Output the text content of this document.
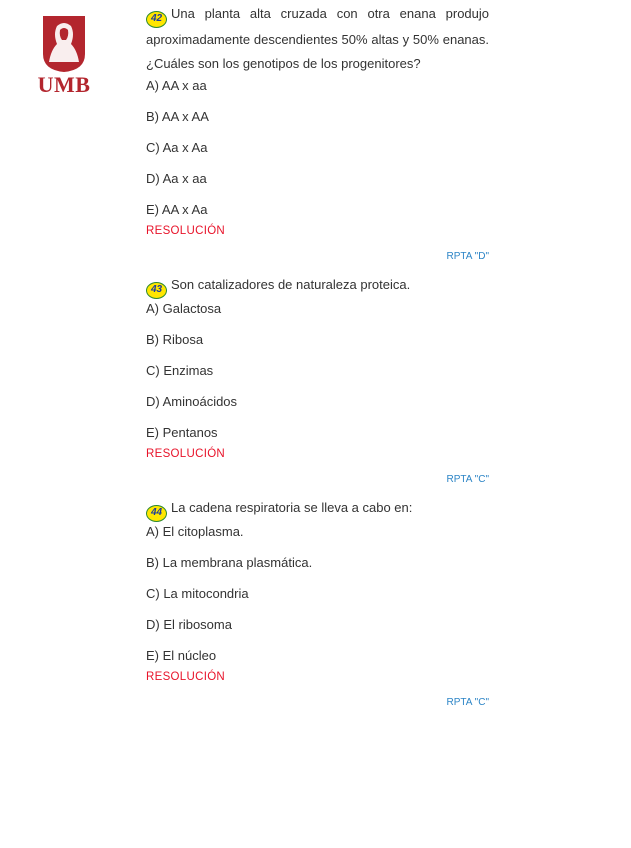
UMB

42 Una planta alta cruzada con otra enana produjo aproximadamente descendientes 50% altas y 50% enanas. ¿Cuáles son los genotipos de los progenitores?

A) AA x aa
B) AA x AA
C) Aa x Aa
D) Aa x aa
E) AA x Aa
RESOLUCIÓN
RPTA "D"

43 Son catalizadores de naturaleza proteica.

A) Galactosa
B) Ribosa
C) Enzimas
D) Aminoácidos
E) Pentanos
RESOLUCIÓN
RPTA "C"

44 La cadena respiratoria se lleva a cabo en:

A) El citoplasma.
B) La membrana plasmática.
C) La mitocondria
D) El ribosoma
E) El núcleo
RESOLUCIÓN
RPTA "C"
